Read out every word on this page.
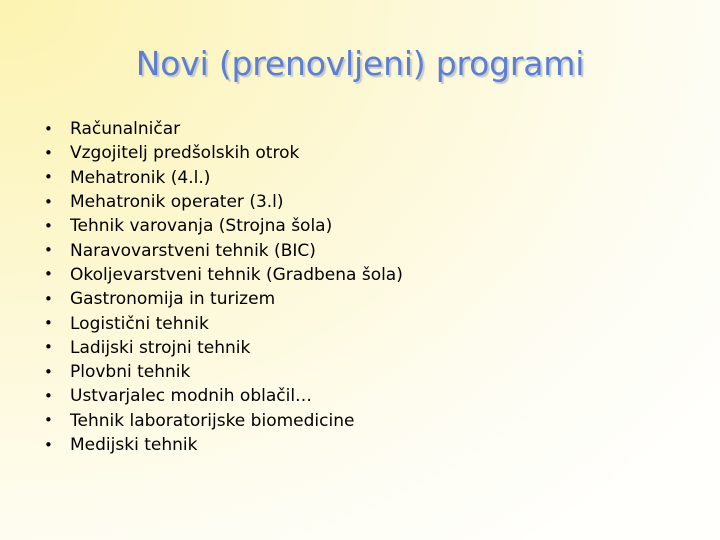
Novi (prenovljeni) programi
•	Računalničar
•	Vzgojitelj predšolskih otrok
•	Mehatronik (4.l.)
•	Mehatronik operater (3.l)
•	Tehnik varovanja (Strojna šola)
•	Naravovarstveni tehnik (BIC)
•	Okoljevarstveni tehnik (Gradbena šola)
•	Gastronomija in turizem
•	Logistični tehnik
•	Ladijski strojni tehnik
•	Plovbni tehnik
•	Ustvarjalec modnih oblačil…
•	Tehnik laboratorijske biomedicine
•	Medijski tehnik
